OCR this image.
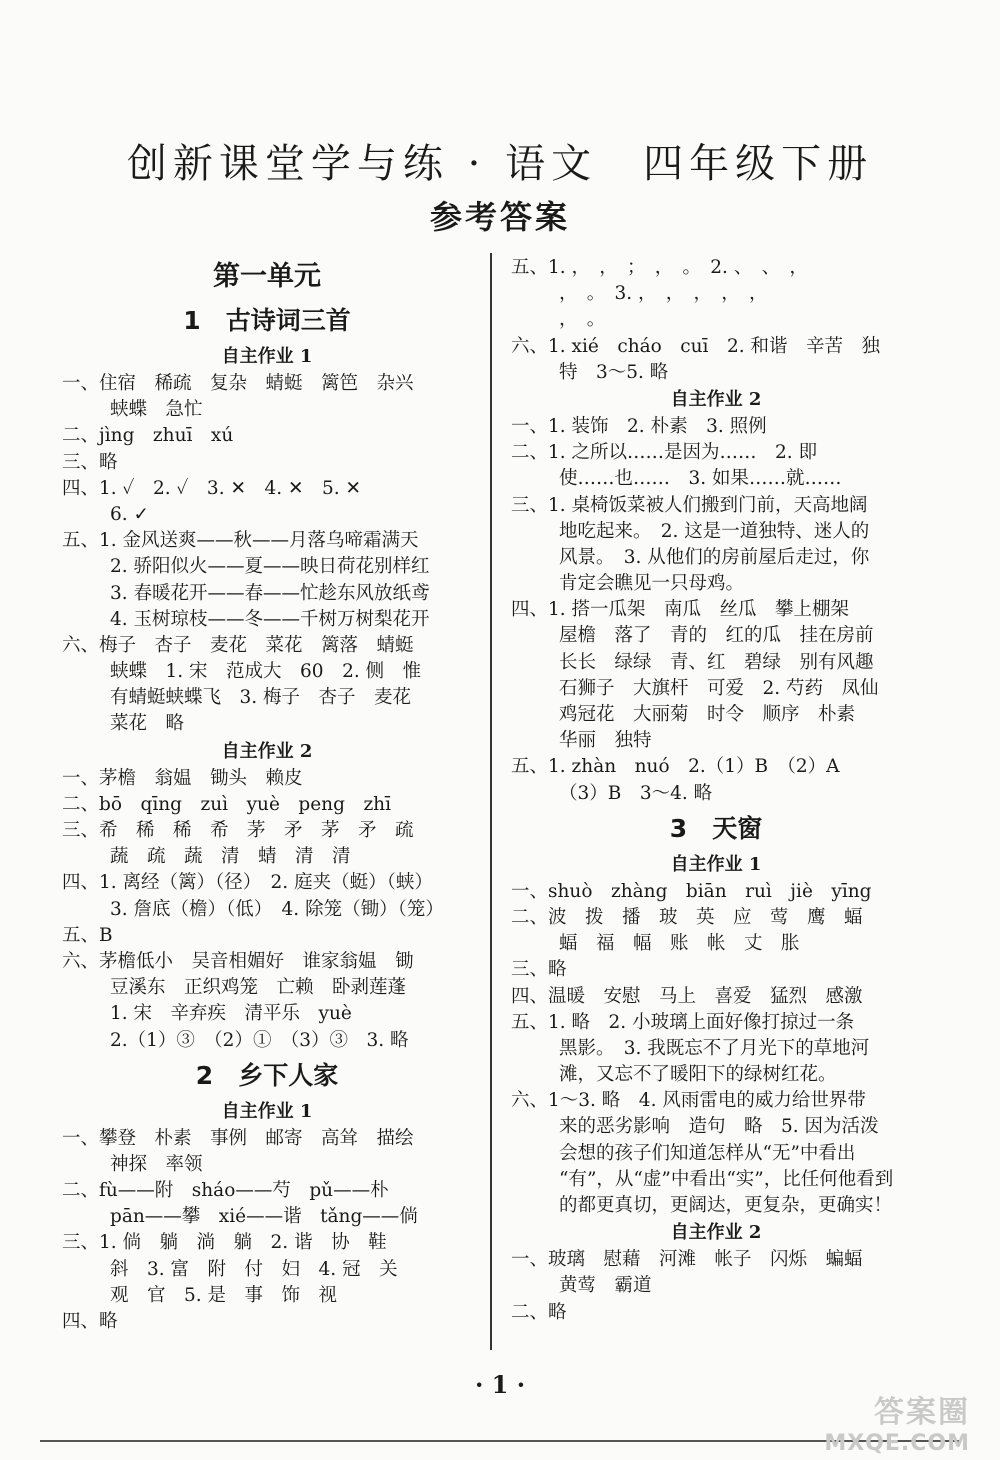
创新课堂学与练 · 语文　四年级下册
参考答案
第一单元
1　古诗词三首
自主作业 1
一、住宿　稀疏　复杂　蜻蜓　篱笆　杂兴
蛱蝶　急忙
二、jìng　zhuī　xú
三、略
四、1. ✓　2. ✓　3. ✕　4. ✕　5. ✕
6. ✓
五、1. 金风送爽——秋——月落乌啼霜满天
2. 骄阳似火——夏——映日荷花别样红
3. 春暖花开——春——忙趁东风放纸鸢
4. 玉树琼枝——冬——千树万树梨花开
六、梅子　杏子　麦花　菜花　篱落　蜻蜓
蛱蝶　1. 宋　范成大　60　2. 侧　惟
有蜻蜓蛱蝶飞　3. 梅子　杏子　麦花
菜花　略
自主作业 2
一、茅檐　翁媪　锄头　赖皮
二、bō　qīng　zuì　yuè　peng　zhī
三、希　稀　稀　希　茅　矛　茅　矛　疏
蔬　疏　蔬　清　蜻　清　清
四、1. 离经（篱）（径）　2. 庭夹（蜓）（蛱）
3. 詹底（檐）（低）　4. 除笼（锄）（笼）
五、B
六、茅檐低小　吴音相媚好　谁家翁媪　锄
豆溪东　正织鸡笼　亡赖　卧剥莲蓬
1. 宋　辛弃疾　清平乐　yuè
2.（1）③　（2）①　（3）③　3. 略
2　乡下人家
自主作业 1
一、攀登　朴素　事例　邮寄　高耸　描绘
神探　率领
二、fù——附　sháo——芍　pǔ——朴
pān——攀　xié——谐　tǎng——倘
三、1. 倘　躺　淌　躺　2. 谐　协　鞋
斜　3. 富　附　付　妇　4. 冠　关
观　官　5. 是　事　饰　视
四、略
五、1. ，　，　；　，　。　2. 、　、　，
，　。　3. ，　，　，　，　，
，　。
六、1. xié　cháo　cuī　2. 和谐　辛苦　独
特　3～5. 略
自主作业 2
一、1. 装饰　2. 朴素　3. 照例
二、1. 之所以……是因为……　2. 即
使……也……　3. 如果……就……
三、1. 桌椅饭菜被人们搬到门前，天高地阔
地吃起来。　2. 这是一道独特、迷人的
风景。　3. 从他们的房前屋后走过，你
肯定会瞧见一只母鸡。
四、1. 搭一瓜架　南瓜　丝瓜　攀上棚架
屋檐　落了　青的　红的瓜　挂在房前
长长　绿绿　青、红　碧绿　别有风趣
石狮子　大旗杆　可爱　2. 芍药　凤仙
鸡冠花　大丽菊　时令　顺序　朴素
华丽　独特
五、1. zhàn　nuó　2.（1）B　（2）A
（3）B　3～4. 略
3　天窗
自主作业 1
一、shuò　zhàng　biān　ruì　jiè　yīng
二、波　拨　播　玻　英　应　莺　鹰　蝠
蝠　福　幅　账　帐　丈　胀
三、略
四、温暖　安慰　马上　喜爱　猛烈　感激
五、1. 略　2. 小玻璃上面好像打掠过一条
黑影。　3. 我既忘不了月光下的草地河
滩，又忘不了暖阳下的绿树红花。
六、1～3. 略　4. 风雨雷电的威力给世界带
来的恶劣影响　造句　略　5. 因为活泼
会想的孩子们知道怎样从“无”中看出
“有”，从“虚”中看出“实”，比任何他看到
的都更真切，更阔达，更复杂，更确实！
自主作业 2
一、玻璃　慰藉　河滩　帐子　闪烁　蝙蝠
黄莺　霸道
二、略
· 1 ·
答案圈
MXQE.COM
